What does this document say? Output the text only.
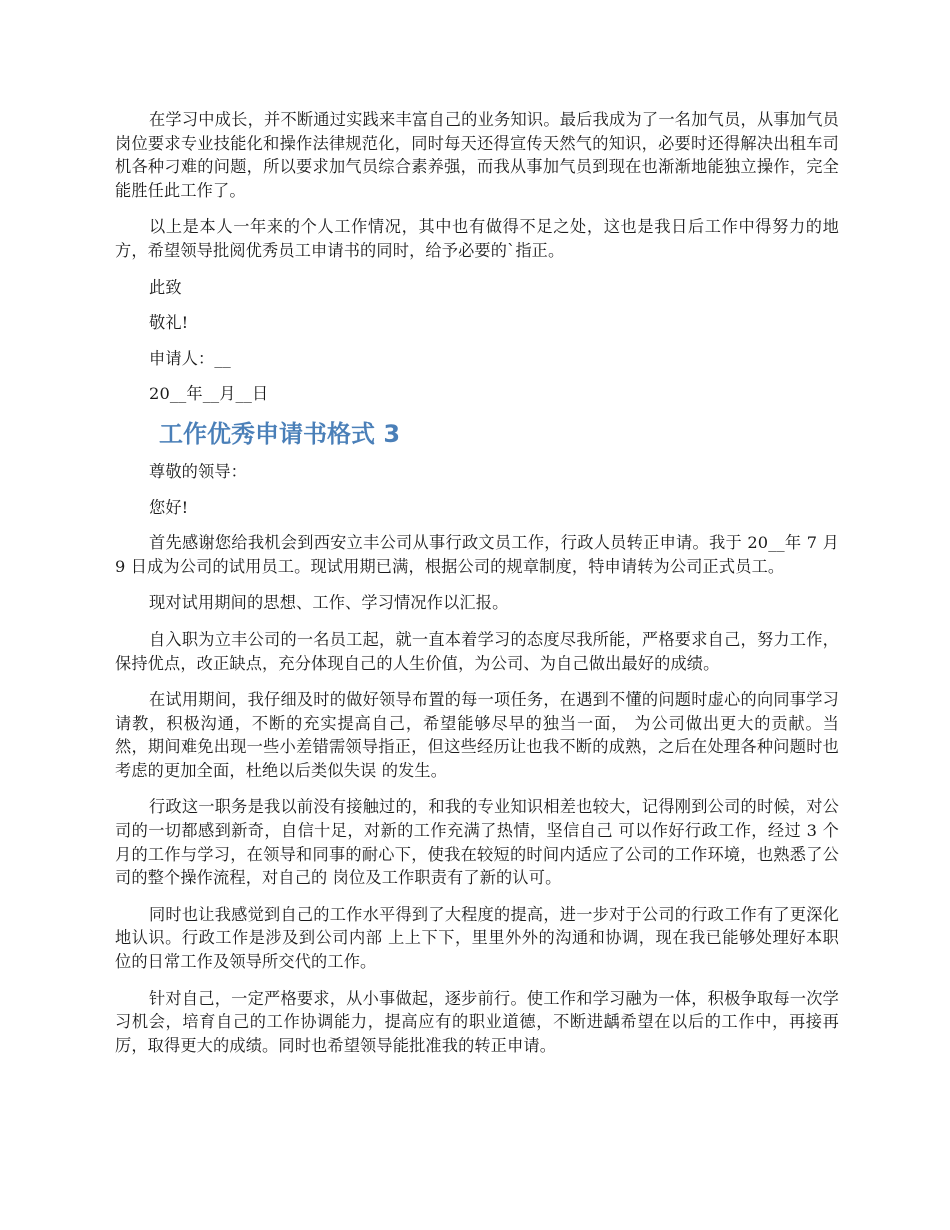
在学习中成长，并不断通过实践来丰富自己的业务知识。最后我成为了一名加气员，从事加气员岗位要求专业技能化和操作法律规范化，同时每天还得宣传天然气的知识，必要时还得解决出租车司机各种刁难的问题，所以要求加气员综合素养强，而我从事加气员到现在也渐渐地能独立操作，完全能胜任此工作了。

以上是本人一年来的个人工作情况，其中也有做得不足之处，这也是我日后工作中得努力的地方，希望领导批阅优秀员工申请书的同时，给予必要的`指正。

此致

敬礼!

申请人：__

20__年__月__日

工作优秀申请书格式 3

尊敬的领导：

您好!

首先感谢您给我机会到西安立丰公司从事行政文员工作，行政人员转正申请。我于 20__年 7 月 9 日成为公司的试用员工。现试用期已满，根据公司的规章制度，特申请转为公司正式员工。

现对试用期间的思想、工作、学习情况作以汇报。

自入职为立丰公司的一名员工起，就一直本着学习的态度尽我所能，严格要求自己，努力工作，保持优点，改正缺点，充分体现自己的人生价值，为公司、为自己做出最好的成绩。

在试用期间，我仔细及时的做好领导布置的每一项任务，在遇到不懂的问题时虚心的向同事学习请教，积极沟通，不断的充实提高自己，希望能够尽早的独当一面， 为公司做出更大的贡献。当然，期间难免出现一些小差错需领导指正，但这些经历让也我不断的成熟，之后在处理各种问题时也考虑的更加全面，杜绝以后类似失误 的发生。

行政这一职务是我以前没有接触过的，和我的专业知识相差也较大，记得刚到公司的时候，对公司的一切都感到新奇，自信十足，对新的工作充满了热情，坚信自己 可以作好行政工作，经过 3 个月的工作与学习，在领导和同事的耐心下，使我在较短的时间内适应了公司的工作环境，也熟悉了公司的整个操作流程，对自己的 岗位及工作职责有了新的认可。

同时也让我感觉到自己的工作水平得到了大程度的提高，进一步对于公司的行政工作有了更深化地认识。行政工作是涉及到公司内部 上上下下，里里外外的沟通和协调，现在我已能够处理好本职位的日常工作及领导所交代的工作。

针对自己，一定严格要求，从小事做起，逐步前行。使工作和学习融为一体，积极争取每一次学习机会，培育自己的工作协调能力，提高应有的职业道德，不断进龋希望在以后的工作中，再接再厉，取得更大的成绩。同时也希望领导能批准我的转正申请。
